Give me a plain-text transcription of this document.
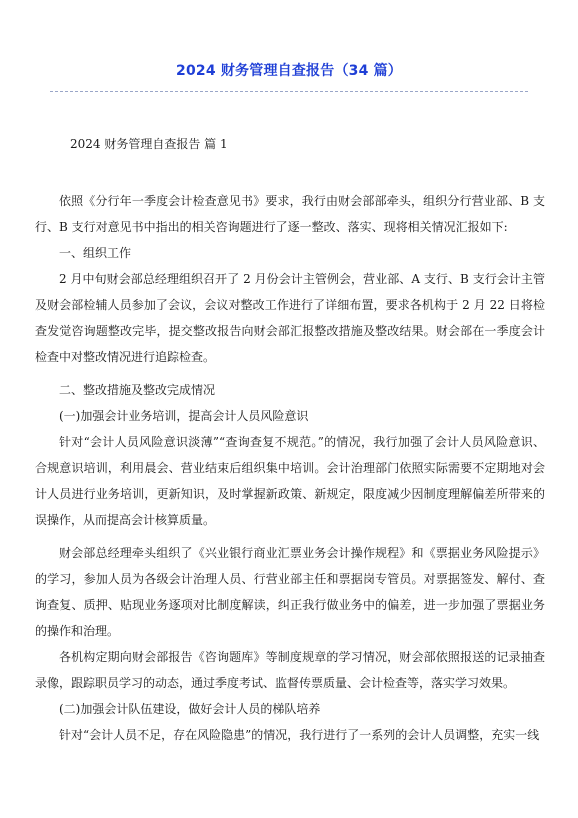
2024 财务管理自查报告（34 篇）
2024 财务管理自查报告 篇 1

依照《分行年一季度会计检查意见书》要求，我行由财会部部牵头，组织分行营业部、B 支行、B 支行对意见书中指出的相关咨询题进行了逐一整改、落实、现将相关情况汇报如下:

一、组织工作

2 月中旬财会部总经理组织召开了 2 月份会计主管例会，营业部、A 支行、B 支行会计主管及财会部检辅人员参加了会议，会议对整改工作进行了详细布置，要求各机构于 2 月 22 日将检查发觉咨询题整改完毕，提交整改报告向财会部汇报整改措施及整改结果。财会部在一季度会计检查中对整改情况进行追踪检查。

二、整改措施及整改完成情况

(一)加强会计业务培训，提高会计人员风险意识

针对“会计人员风险意识淡薄”“查询查复不规范。”的情况，我行加强了会计人员风险意识、合规意识培训，利用晨会、营业结束后组织集中培训。会计治理部门依照实际需要不定期地对会计人员进行业务培训，更新知识，及时掌握新政策、新规定，限度减少因制度理解偏差所带来的误操作，从而提高会计核算质量。

财会部总经理牵头组织了《兴业银行商业汇票业务会计操作规程》和《票据业务风险提示》的学习，参加人员为各级会计治理人员、行营业部主任和票据岗专管员。对票据签发、解付、查询查复、质押、贴现业务逐项对比制度解读，纠正我行做业务中的偏差，进一步加强了票据业务的操作和治理。

各机构定期向财会部报告《咨询题库》等制度规章的学习情况，财会部依照报送的记录抽查录像，跟踪职员学习的动态，通过季度考试、监督传票质量、会计检查等，落实学习效果。

(二)加强会计队伍建设，做好会计人员的梯队培养

针对“会计人员不足，存在风险隐患”的情况，我行进行了一系列的会计人员调整，充实一线
